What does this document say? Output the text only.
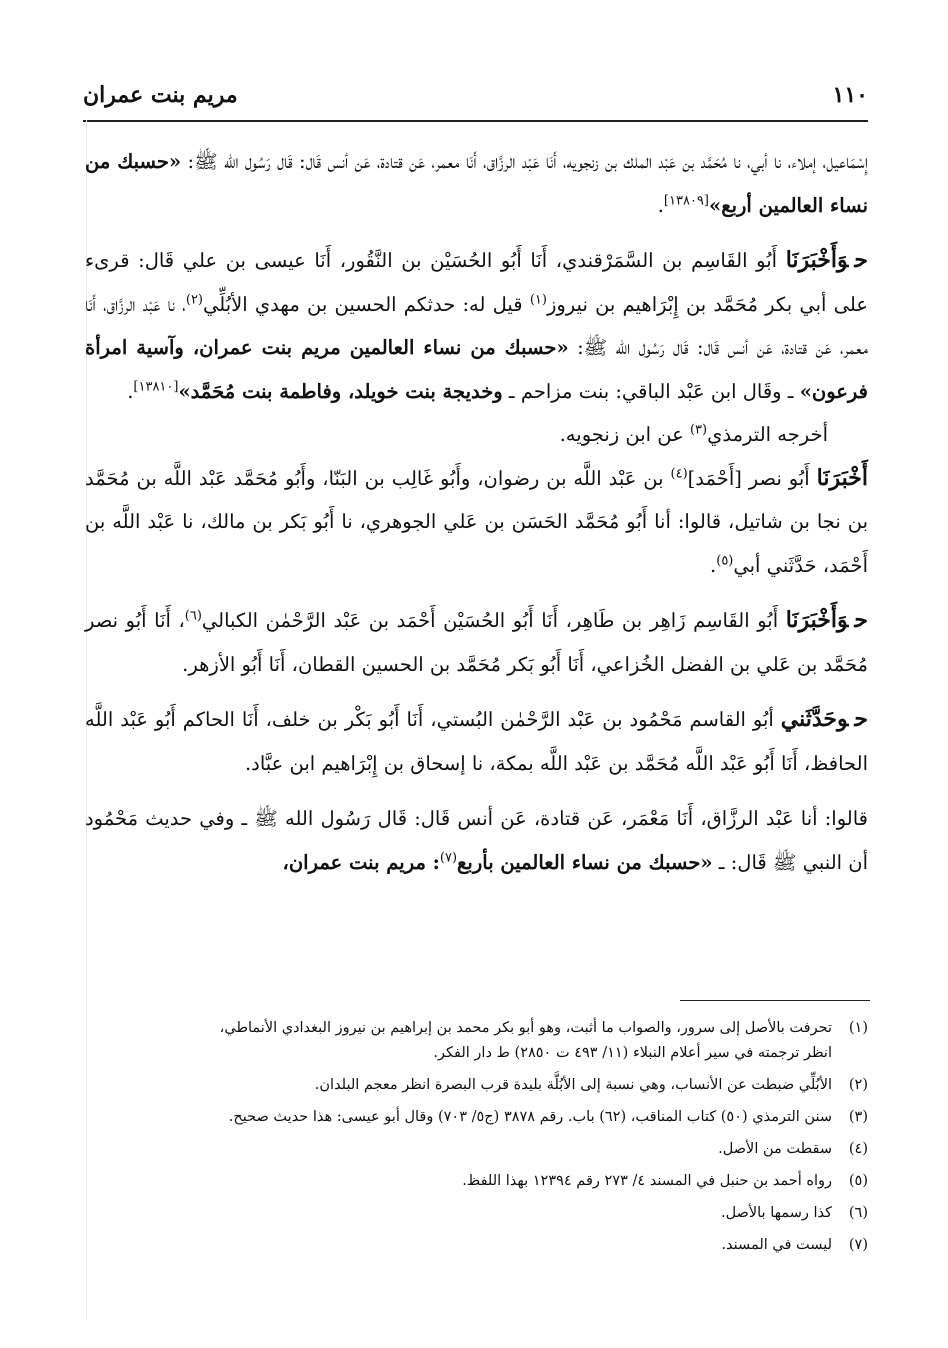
١١٠
مريم بنت عمران

إِسْمَاعيل، إملاء، نا أبي، نا مُحَمَّد بن عَبْد الملك بن زنجويه، أَنَا عَبْد الرزَّاق، أَنَا معمر، عَن قتادة، عَن أنس قَال: قَال رَسُول الله ﷺ: «حسبك من نساء العالمين أربع»[١٣٨٠٩].

حوَأَخْبَرَنَا أَبُو القَاسِم بن السَّمَرْقندي، أَنَا أَبُو الحُسَيْن بن النَّقُور، أَنَا عيسى بن علي قَال: قرىء على أبي بكر مُحَمَّد بن إِبْرَاهيم بن نيروز$^{(١)}$ قيل له: حدثكم الحسين بن مهدي الأبُلِّي$^{(٢)}$، نا عَبْد الرزَّاق، أَنَا معمر، عَن قتادة، عَن أنس قَال: قَال رَسُول الله ﷺ: «حسبك من نساء العالمين مريم بنت عمران، وآسية امرأة فرعون» ـ وقَال ابن عَبْد الباقي: بنت مزاحم ـ وخديجة بنت خويلد، وفاطمة بنت مُحَمَّد»[١٣٨١٠].

أخرجه الترمذي$^{(٣)}$ عن ابن زنجويه.

أَخْبَرَنَا أَبُو نصر [أَحْمَد]$^{(٤)}$ بن عَبْد اللَّه بن رضوان، وأَبُو غَالِب بن البَنّا، وأَبُو مُحَمَّد عَبْد اللَّه بن مُحَمَّد بن نجا بن شاتيل، قالوا: أنا أَبُو مُحَمَّد الحَسَن بن عَلي الجوهري، نا أَبُو بَكر بن مالك، نا عَبْد اللَّه بن أَحْمَد، حَدَّثَني أبي$^{(٥)}$.

حوَأَخْبَرَنَا أَبُو القَاسِم زَاهِر بن طَاهِر، أَنَا أَبُو الحُسَيْن أَحْمَد بن عَبْد الرَّحْمٰن الكبالي$^{(٦)}$، أَنَا أَبُو نصر مُحَمَّد بن عَلي بن الفضل الخُزاعي، أَنَا أَبُو بَكر مُحَمَّد بن الحسين القطان، أَنَا أَبُو الأزهر.

حوحَدَّثَني أبُو القاسم مَحْمُود بن عَبْد الرَّحْمٰن البُستي، أَنَا أَبُو بَكْر بن خلف، أَنَا الحاكم أَبُو عَبْد اللَّه الحافظ، أَنَا أَبُو عَبْد اللَّه مُحَمَّد بن عَبْد اللَّه بمكة، نا إسحاق بن إِبْرَاهيم ابن عبَّاد.

قالوا: أنا عَبْد الرزَّاق، أَنَا مَعْمَر، عَن قتادة، عَن أنس قَال: قَال رَسُول الله ﷺ ـ وفي حديث مَحْمُود أن النبي ﷺ قَال: ـ «حسبك من نساء العالمين بأربع$^{(٧)}$: مريم بنت عمران،

(١)
تحرفت بالأصل إلى سرور، والصواب ما أثبت، وهو أبو بكر محمد بن إبراهيم بن نيروز البغدادي الأنماطي،
انظر ترجمته في سير أعلام النبلاء (١١/ ٤٩٣ ت ٢٨٥٠) ط دار الفكر.
(٢)
الأبُلِّي ضبطت عن الأنساب، وهي نسبة إلى الأبُلَّة بليدة قرب البصرة انظر معجم البلدان.
(٣)
سنن الترمذي (٥٠) كتاب المناقب، (٦٢) باب. رقم ٣٨٧٨ (ج٥/ ٧٠٣) وقال أبو عيسى: هذا حديث صحيح.
(٤)
سقطت من الأصل.
(٥)
رواه أحمد بن حنبل في المسند ٤/ ٢٧٣ رقم ١٢٣٩٤ بهذا اللفظ.
(٦)
كذا رسمها بالأصل.
(٧)
ليست في المسند.
